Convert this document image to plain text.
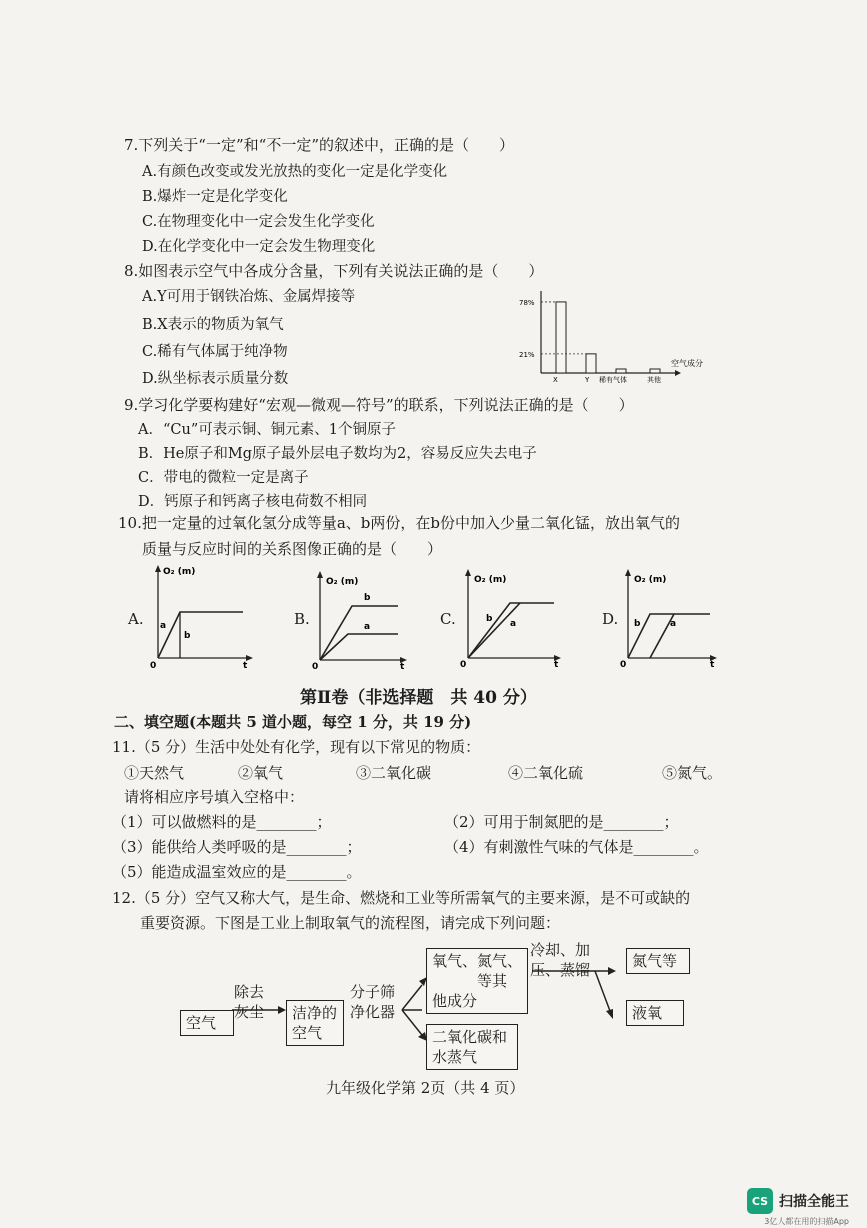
7.下列关于“一定”和“不一定”的叙述中，正确的是（　　）
A.有颜色改变或发光放热的变化一定是化学变化
B.爆炸一定是化学变化
C.在物理变化中一定会发生化学变化
D.在化学变化中一定会发生物理变化
8.如图表示空气中各成分含量，下列有关说法正确的是（　　）
A.Y可用于钢铁冶炼、金属焊接等
B.X表示的物质为氧气
C.稀有气体属于纯净物
D.纵坐标表示质量分数
78%
21%
X	Y 稀有气体	其他
空气成分
9.学习化学要构建好“宏观—微观—符号”的联系，下列说法正确的是（　　）
A．“Cu”可表示铜、铜元素、1个铜原子
B．He原子和Mg原子最外层电子数均为2，容易反应失去电子
C．带电的微粒一定是离子
D．钙原子和钙离子核电荷数不相同
10.把一定量的过氧化氢分成等量a、b两份，在b份中加入少量二氧化锰，放出氧气的
质量与反应时间的关系图像正确的是（　　）
A.
O₂ (m)
a
b
0	t
B.
O₂ (m)
b
a
0	t
C.
O₂ (m)
b a
0	t
D.
O₂ (m)
b	a
0	t
第Ⅱ卷（非选择题　共 40 分）
二、填空题(本题共 5 道小题，每空 1 分，共 19 分)
11.（5 分）生活中处处有化学，现有以下常见的物质：
①天然气	②氧气	③二氧化碳	④二氧化硫	⑤氮气。
请将相应序号填入空格中：
（1）可以做燃料的是________；	（2）可用于制氮肥的是________；
（3）能供给人类呼吸的是________；	（4）有刺激性气味的气体是________。
（5）能造成温室效应的是________。
12.（5 分）空气又称大气，是生命、燃烧和工业等所需氧气的主要来源，是不可或缺的
重要资源。下图是工业上制取氧气的流程图，请完成下列问题：
空气
除去
灰尘	洁净的
空气
分子筛
净化器
氧气、氮气、
　　　等其
他成分
二氧化碳和
水蒸气
冷却、加
压、蒸馏	氮气等
液氧
九年级化学第 2页（共 4 页）
CS 扫描全能王
3亿人都在用的扫描App
